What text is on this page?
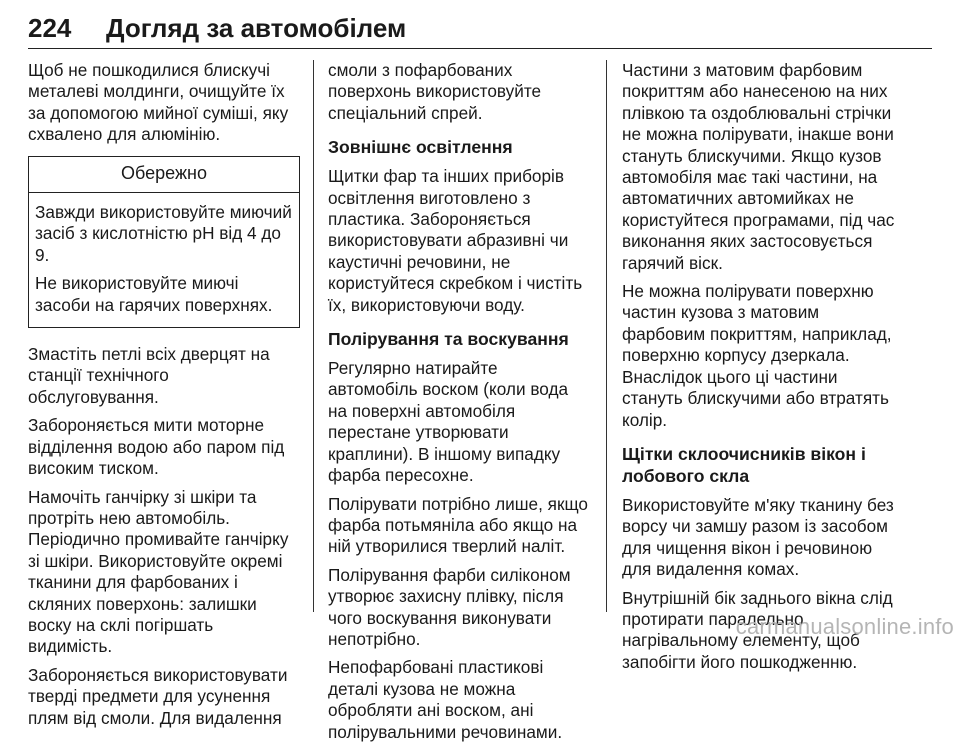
224	Догляд за автомобілем

Щоб не пошкодилися блискучі металеві молдинги, очищуйте їх за допомогою мийної суміші, яку схвалено для алюмінію.

Обережно

Завжди використовуйте миючий засіб з кислотністю pH від 4 до 9.

Не використовуйте миючі засоби на гарячих поверхнях.

Змастіть петлі всіх дверцят на станції технічного обслуговування.

Забороняється мити моторне відділення водою або паром під високим тиском.

Намочіть ганчірку зі шкіри та протріть нею автомобіль. Періодично промивайте ганчірку зі шкіри. Використовуйте окремі тканини для фарбованих і скляних поверхонь: залишки воску на склі погіршать видимість.

Забороняється використовувати тверді предмети для усунення плям від смоли. Для видалення

смоли з пофарбованих поверхонь використовуйте спеціальний спрей.

Зовнішнє освітлення

Щитки фар та інших приборів освітлення виготовлено з пластика. Забороняється використовувати абразивні чи каустичні речовини, не користуйтеся скребком і чистіть їх, використовуючи воду.

Полірування та воскування

Регулярно натирайте автомобіль воском (коли вода на поверхні автомобіля перестане утворювати краплини). В іншому випадку фарба пересохне.

Полірувати потрібно лише, якщо фарба потьмяніла або якщо на ній утворилися тверлий наліт.

Полірування фарби силіконом утворює захисну плівку, після чого воскування виконувати непотрібно.

Непофарбовані пластикові деталі кузова не можна обробляти ані воском, ані полірувальними речовинами.

Частини з матовим фарбовим покриттям або нанесеною на них плівкою та оздоблювальні стрічки не можна полірувати, інакше вони стануть блискучими. Якщо кузов автомобіля має такі частини, на автоматичних автомийках не користуйтеся програмами, під час виконання яких застосовується гарячий віск.

Не можна полірувати поверхню частин кузова з матовим фарбовим покриттям, наприклад, поверхню корпусу дзеркала. Внаслідок цього ці частини стануть блискучими або втратять колір.

Щітки склоочисників вікон і лобового скла

Використовуйте м'яку тканину без ворсу чи замшу разом із засобом для чищення вікон і речовиною для видалення комах.

Внутрішній бік заднього вікна слід протирати паралельно нагрівальному елементу, щоб запобігти його пошкодженню.

carmanualsonline.info
